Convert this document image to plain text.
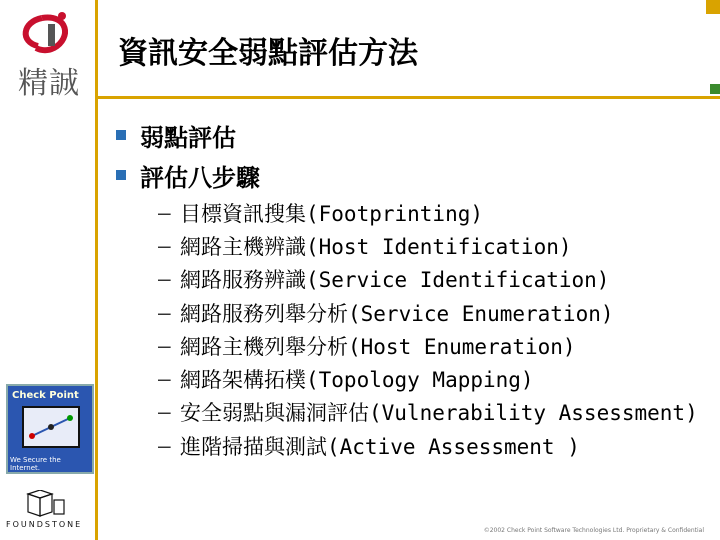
精誠
資訊安全弱點評估方法
弱點評估
評估八步驟
– 目標資訊搜集(Footprinting)
– 網路主機辨識(Host Identification)
– 網路服務辨識(Service Identification)
– 網路服務列舉分析(Service Enumeration)
– 網路主機列舉分析(Host Enumeration)
– 網路架構拓樸(Topology Mapping)
– 安全弱點與漏洞評估(Vulnerability Assessment)
– 進階掃描與測試(Active Assessment )
Check Point
We Secure the Internet.
FOUNDSTONE
©2002 Check Point Software Technologies Ltd. Proprietary & Confidential
